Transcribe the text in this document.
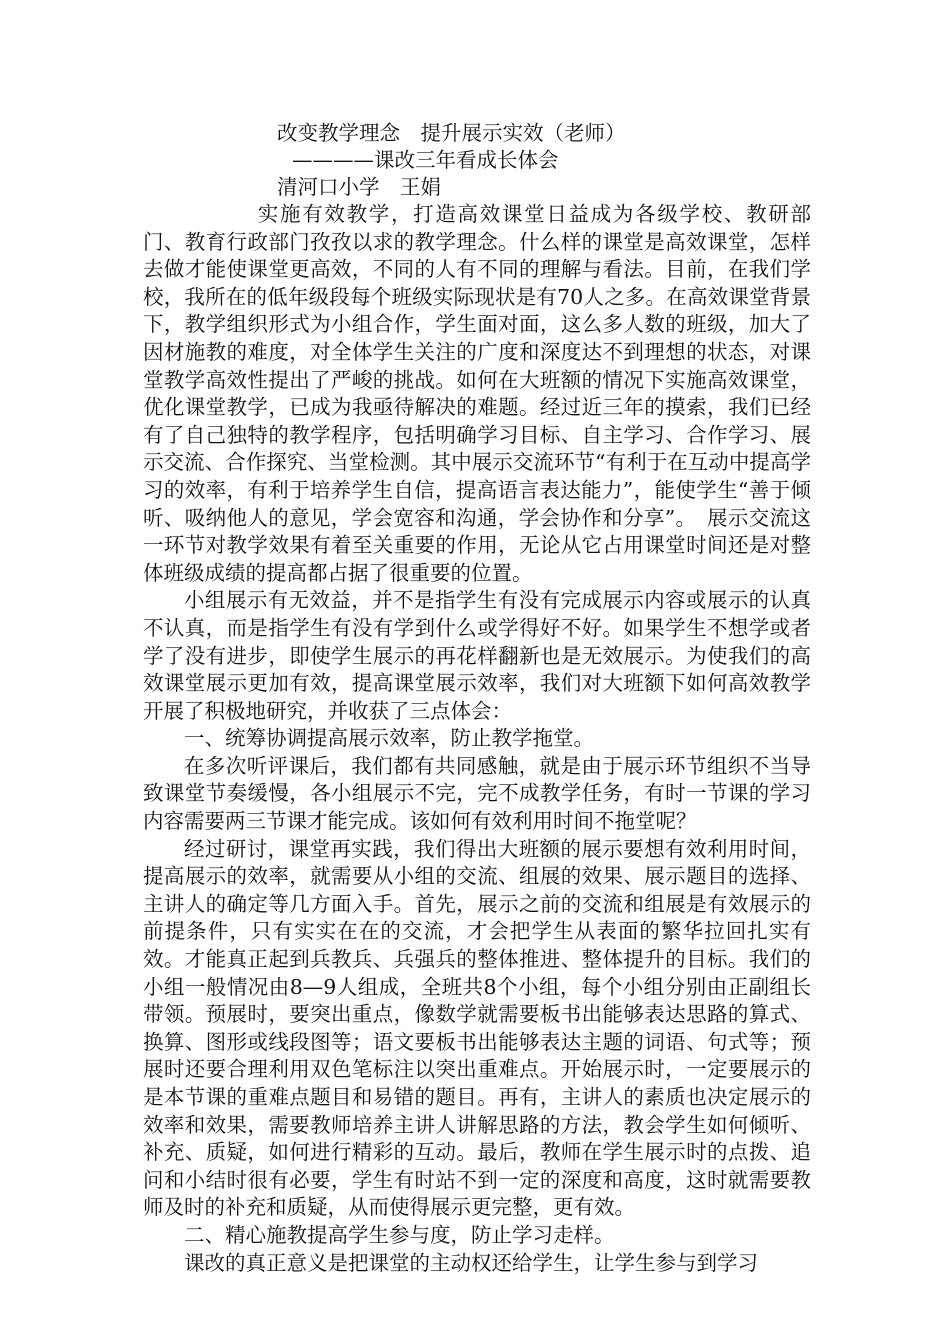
改变教学理念　提升展示实效（老师）
————课改三年看成长体会
清河口小学　王娟

实施有效教学，打造高效课堂日益成为各级学校、教研部门、教育行政部门孜孜以求的教学理念。什么样的课堂是高效课堂，怎样去做才能使课堂更高效，不同的人有不同的理解与看法。目前，在我们学校，我所在的低年级段每个班级实际现状是有70人之多。在高效课堂背景下，教学组织形式为小组合作，学生面对面，这么多人数的班级，加大了因材施教的难度，对全体学生关注的广度和深度达不到理想的状态，对课堂教学高效性提出了严峻的挑战。如何在大班额的情况下实施高效课堂，优化课堂教学，已成为我亟待解决的难题。经过近三年的摸索，我们已经有了自己独特的教学程序，包括明确学习目标、自主学习、合作学习、展示交流、合作探究、当堂检测。其中展示交流环节“有利于在互动中提高学习的效率，有利于培养学生自信，提高语言表达能力”，能使学生“善于倾听、吸纳他人的意见，学会宽容和沟通，学会协作和分享”。　展示交流这一环节对教学效果有着至关重要的作用，无论从它占用课堂时间还是对整体班级成绩的提高都占据了很重要的位置。

小组展示有无效益，并不是指学生有没有完成展示内容或展示的认真不认真，而是指学生有没有学到什么或学得好不好。如果学生不想学或者学了没有进步，即使学生展示的再花样翻新也是无效展示。为使我们的高效课堂展示更加有效，提高课堂展示效率，我们对大班额下如何高效教学开展了积极地研究，并收获了三点体会：

一、统筹协调提高展示效率，防止教学拖堂。

在多次听评课后，我们都有共同感触，就是由于展示环节组织不当导致课堂节奏缓慢，各小组展示不完，完不成教学任务，有时一节课的学习内容需要两三节课才能完成。该如何有效利用时间不拖堂呢？

经过研讨，课堂再实践，我们得出大班额的展示要想有效利用时间，提高展示的效率，就需要从小组的交流、组展的效果、展示题目的选择、主讲人的确定等几方面入手。首先，展示之前的交流和组展是有效展示的前提条件，只有实实在在的交流，才会把学生从表面的繁华拉回扎实有效。才能真正起到兵教兵、兵强兵的整体推进、整体提升的目标。我们的小组一般情况由8—9人组成，全班共8个小组，每个小组分别由正副组长带领。预展时，要突出重点，像数学就需要板书出能够表达思路的算式、换算、图形或线段图等；语文要板书出能够表达主题的词语、句式等；预展时还要合理利用双色笔标注以突出重难点。开始展示时，一定要展示的是本节课的重难点题目和易错的题目。再有，主讲人的素质也决定展示的效率和效果，需要教师培养主讲人讲解思路的方法，教会学生如何倾听、补充、质疑，如何进行精彩的互动。最后，教师在学生展示时的点拨、追问和小结时很有必要，学生有时站不到一定的深度和高度，这时就需要教师及时的补充和质疑，从而使得展示更完整，更有效。

二、精心施教提高学生参与度，防止学习走样。

课改的真正意义是把课堂的主动权还给学生，让学生参与到学习
